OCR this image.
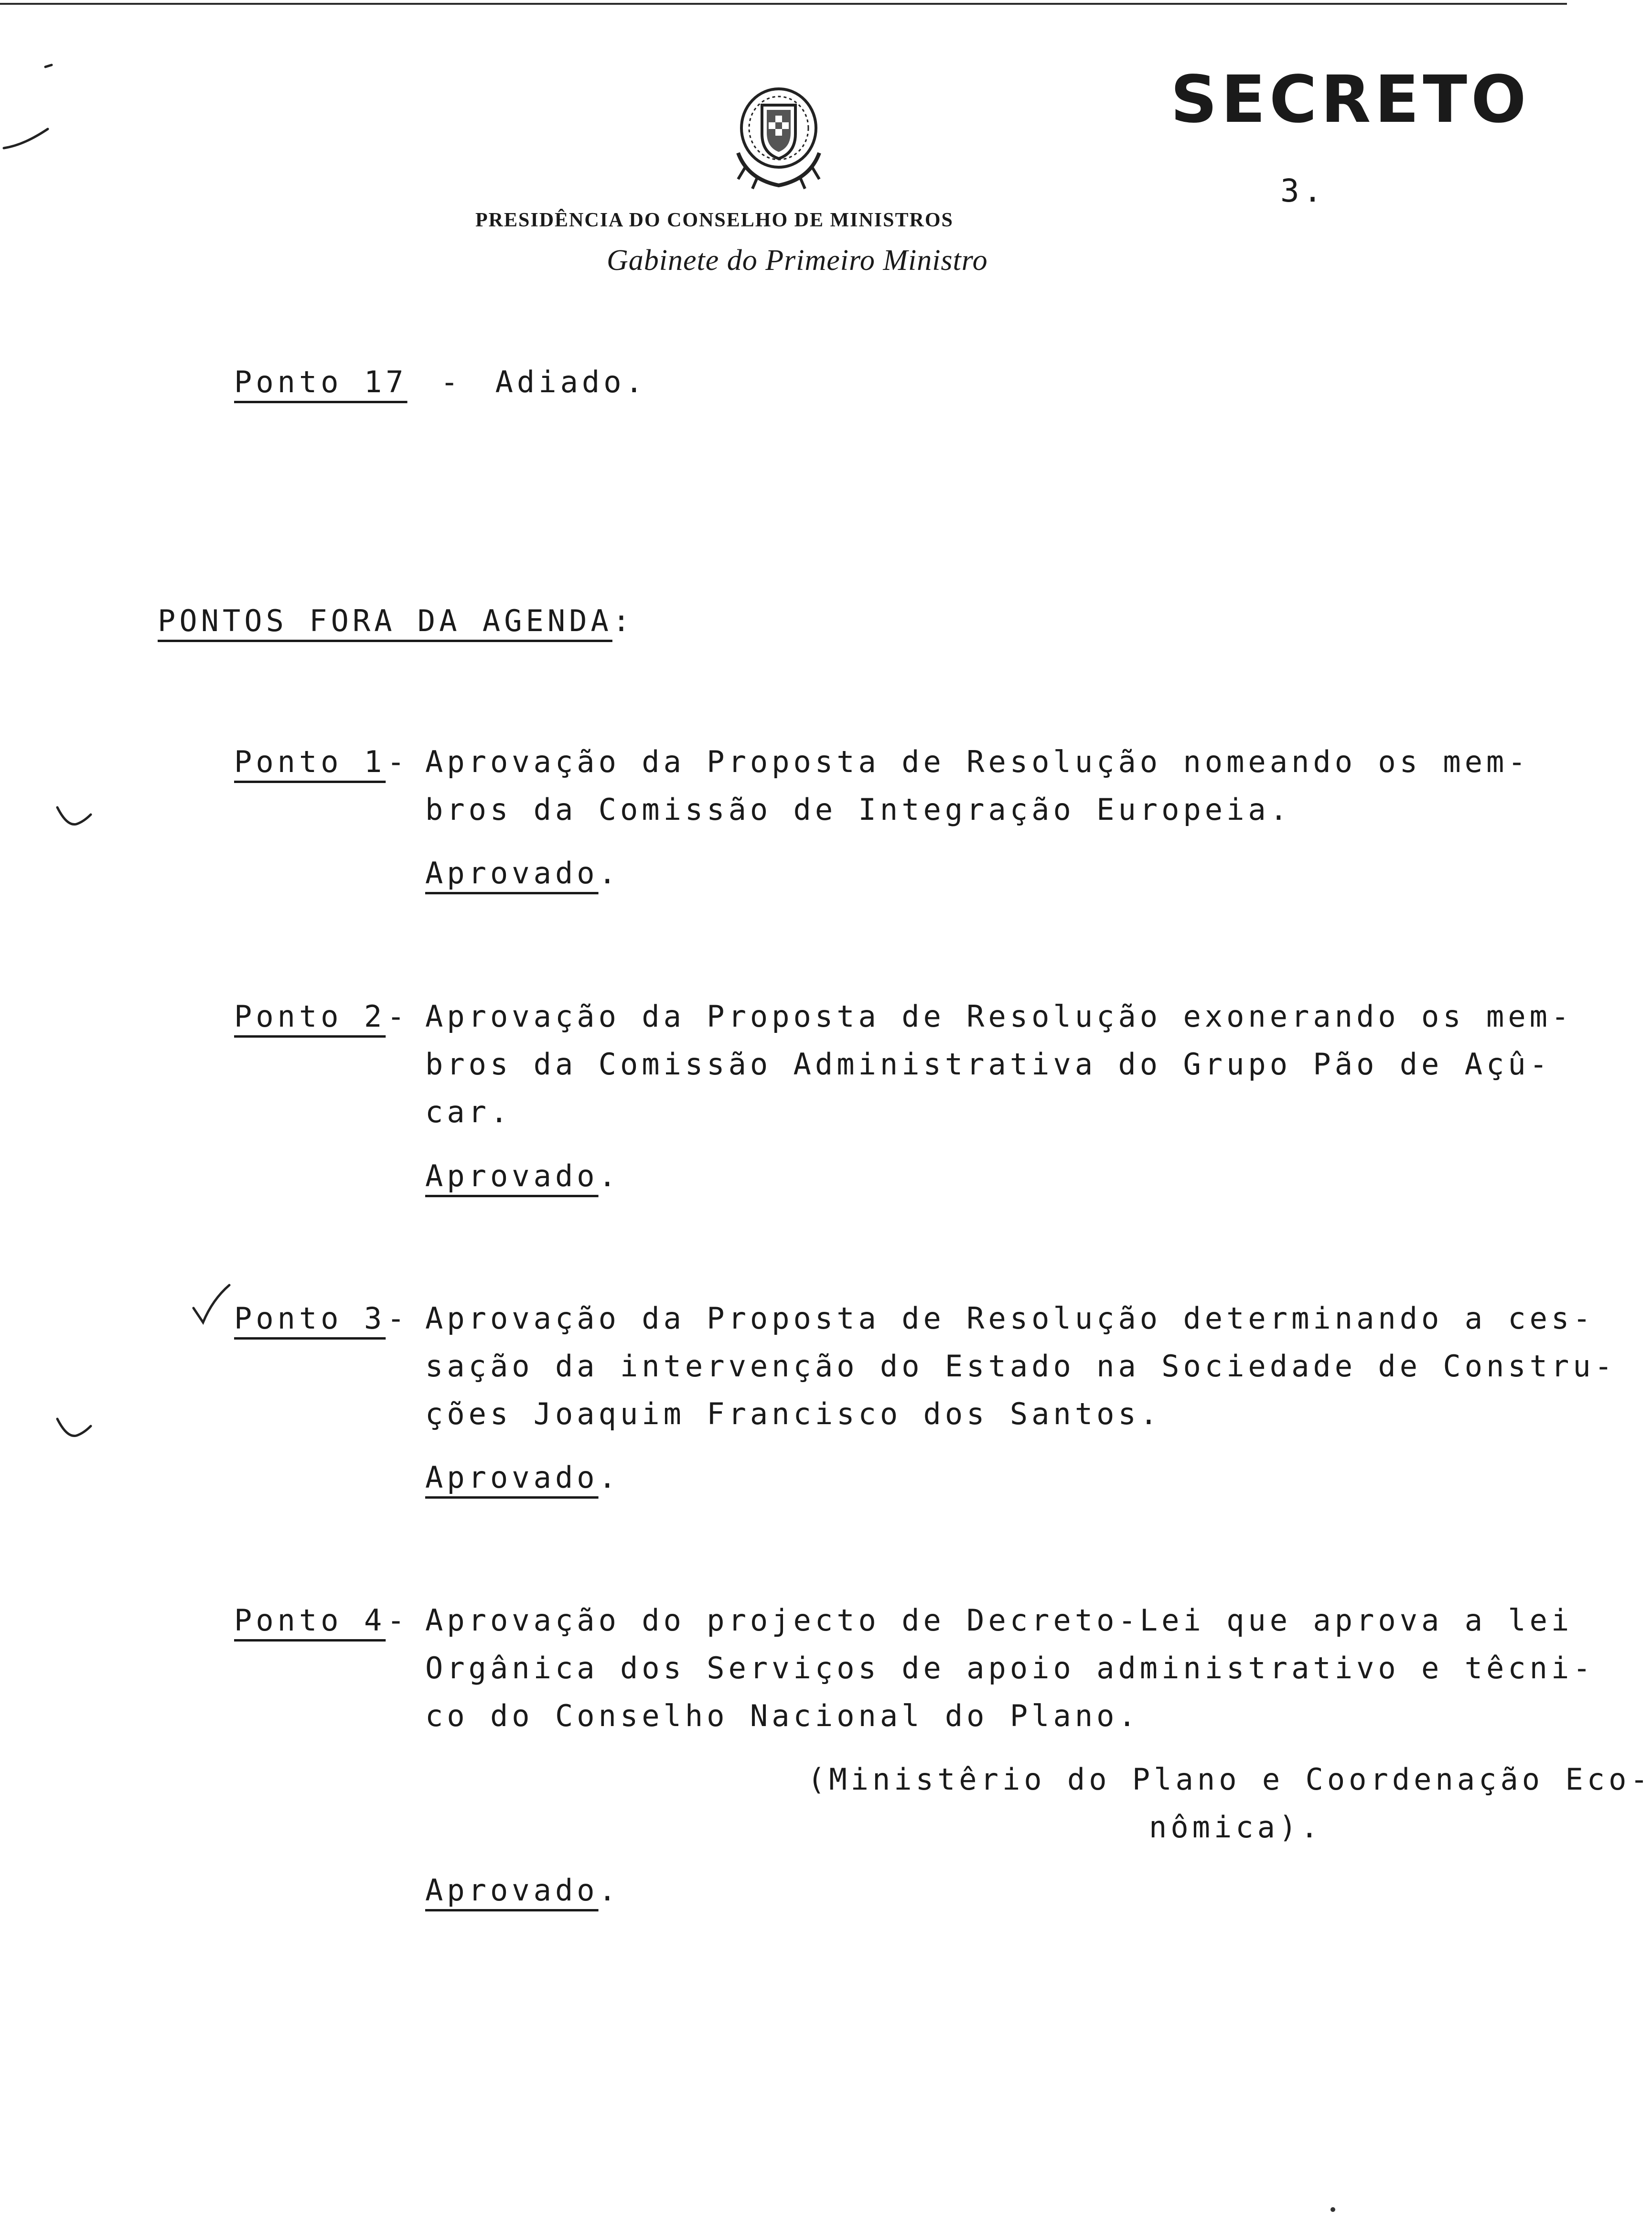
SECRETO
3.
PRESIDÊNCIA DO CONSELHO DE MINISTROS
Gabinete do Primeiro Ministro
Ponto 17 - Adiado.
PONTOS FORA DA AGENDA:
Ponto 1 - Aprovação da Proposta de Resolução nomeando os mem-
bros da Comissão de Integração Europeia.
Aprovado.
Ponto 2 - Aprovação da Proposta de Resolução exonerando os mem-
bros da Comissão Administrativa do Grupo Pão de Açû-
car.
Aprovado.
Ponto 3 - Aprovação da Proposta de Resolução determinando a ces-
sação da intervenção do Estado na Sociedade de Constru-
ções Joaquim Francisco dos Santos.
Aprovado.
Ponto 4 - Aprovação do projecto de Decreto-Lei que aprova a lei
Orgânica dos Serviços de apoio administrativo e têcni-
co do Conselho Nacional do Plano.
(Ministêrio do Plano e Coordenação Eco-
nômica).
Aprovado.
